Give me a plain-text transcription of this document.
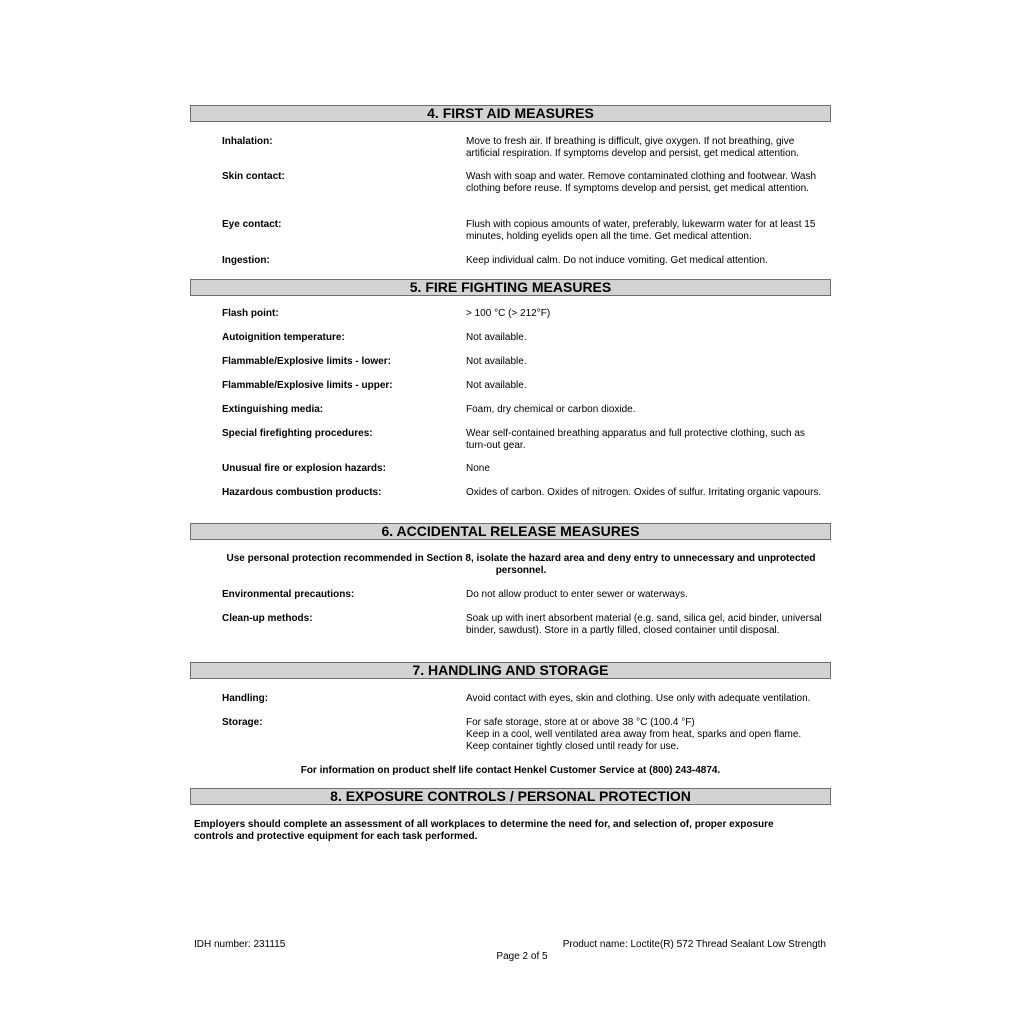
4. FIRST AID MEASURES
Inhalation:	Move to fresh air. If breathing is difficult, give oxygen. If not breathing, give artificial respiration. If symptoms develop and persist, get medical attention.
Skin contact:	Wash with soap and water. Remove contaminated clothing and footwear. Wash clothing before reuse. If symptoms develop and persist, get medical attention.
Eye contact:	Flush with copious amounts of water, preferably, lukewarm water for at least 15 minutes, holding eyelids open all the time. Get medical attention.
Ingestion:	Keep individual calm. Do not induce vomiting. Get medical attention.
5. FIRE FIGHTING MEASURES
Flash point:	> 100 °C (> 212°F)
Autoignition temperature:	Not available.
Flammable/Explosive limits - lower:	Not available.
Flammable/Explosive limits - upper:	Not available.
Extinguishing media:	Foam, dry chemical or carbon dioxide.
Special firefighting procedures:	Wear self-contained breathing apparatus and full protective clothing, such as turn-out gear.
Unusual fire or explosion hazards:	None
Hazardous combustion products:	Oxides of carbon. Oxides of nitrogen. Oxides of sulfur. Irritating organic vapours.
6. ACCIDENTAL RELEASE MEASURES
Use personal protection recommended in Section 8, isolate the hazard area and deny entry to unnecessary and unprotected personnel.
Environmental precautions:	Do not allow product to enter sewer or waterways.
Clean-up methods:	Soak up with inert absorbent material (e.g. sand, silica gel, acid binder, universal binder, sawdust). Store in a partly filled, closed container until disposal.
7. HANDLING AND STORAGE
Handling:	Avoid contact with eyes, skin and clothing. Use only with adequate ventilation.
Storage:	For safe storage, store at or above 38 °C (100.4 °F)
Keep in a cool, well ventilated area away from heat, sparks and open flame.
Keep container tightly closed until ready for use.
For information on product shelf life contact Henkel Customer Service at (800) 243-4874.
8. EXPOSURE CONTROLS / PERSONAL PROTECTION
Employers should complete an assessment of all workplaces to determine the need for, and selection of, proper exposure controls and protective equipment for each task performed.
IDH number: 231115	Product name: Loctite(R) 572 Thread Sealant Low Strength
Page 2 of 5
